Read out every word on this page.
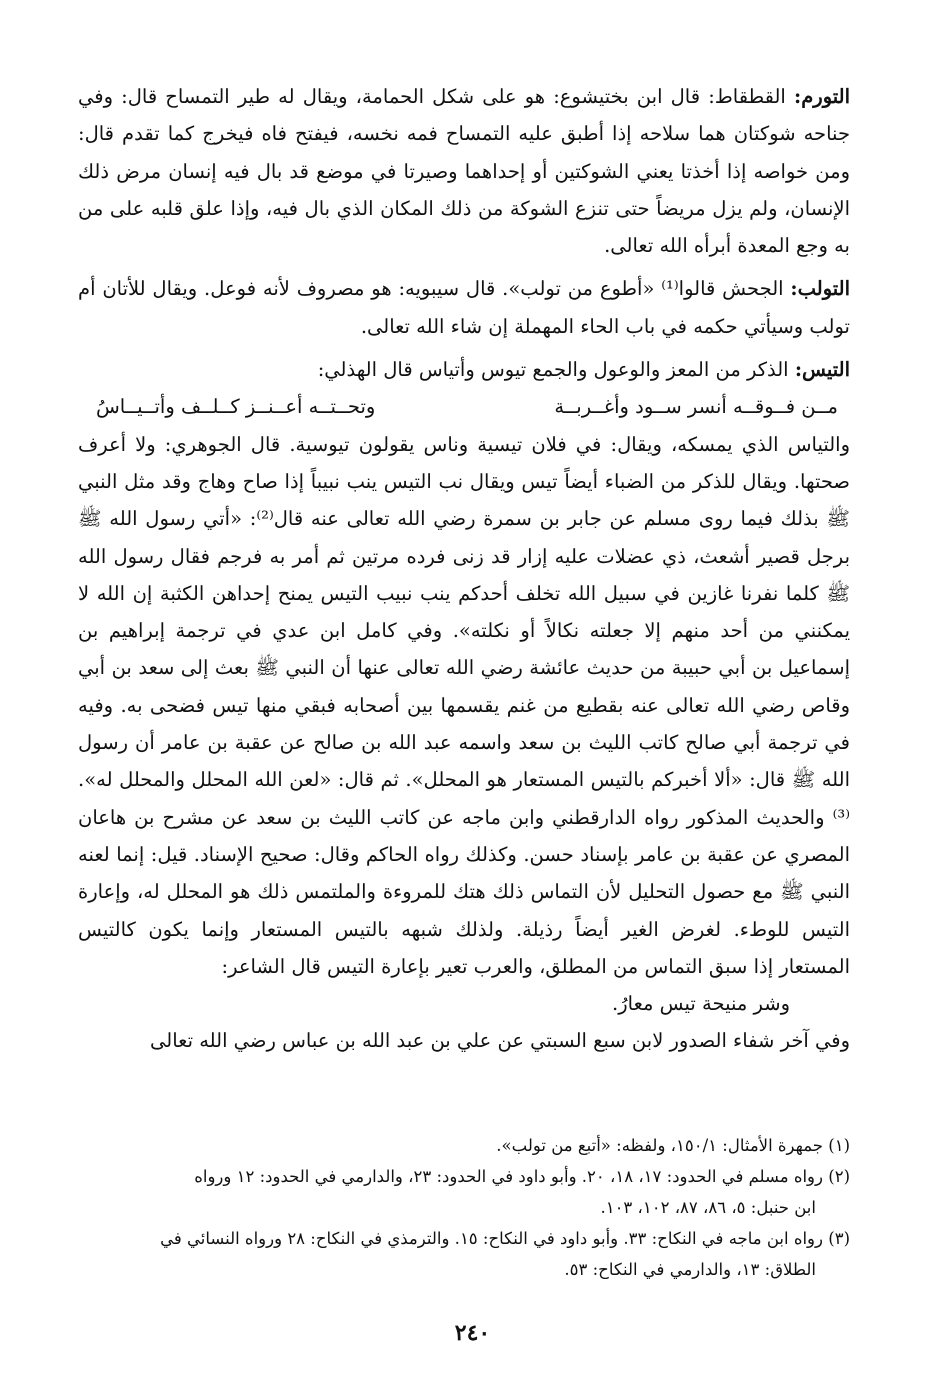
التورم: القطقاط: قال ابن بختيشوع: هو على شكل الحمامة، ويقال له طير التمساح قال: وفي جناحه شوكتان هما سلاحه إذا أطبق عليه التمساح فمه نخسه، فيفتح فاه فيخرج كما تقدم قال: ومن خواصه إذا أخذتا يعني الشوكتين أو إحداهما وصيرتا في موضع قد بال فيه إنسان مرض ذلك الإنسان، ولم يزل مريضاً حتى تنزع الشوكة من ذلك المكان الذي بال فيه، وإذا علق قلبه على من به وجع المعدة أبرأه الله تعالى.

التولب: الجحش قالوا⁽¹⁾ «أطوع من تولب». قال سيبويه: هو مصروف لأنه فوعل. ويقال للأتان أم تولب وسيأتي حكمه في باب الحاء المهملة إن شاء الله تعالى.

التيس: الذكر من المعز والوعول والجمع تيوس وأتياس قال الهذلي:

مــن فــوقــه أنسر ســود وأغــربــة
وتحــتــه أعــنــز كــلــف وأتــيــاسُ

والتياس الذي يمسكه، ويقال: في فلان تيسية وناس يقولون تيوسية. قال الجوهري: ولا أعرف صحتها. ويقال للذكر من الضباء أيضاً تيس ويقال نب التيس ينب نبيباً إذا صاح وهاج وقد مثل النبي ﷺ بذلك فيما روى مسلم عن جابر بن سمرة رضي الله تعالى عنه قال⁽²⁾: «أتي رسول الله ﷺ برجل قصير أشعث، ذي عضلات عليه إزار قد زنى فرده مرتين ثم أمر به فرجم فقال رسول الله ﷺ كلما نفرنا غازين في سبيل الله تخلف أحدكم ينب نبيب التيس يمنح إحداهن الكثبة إن الله لا يمكنني من أحد منهم إلا جعلته نكالاً أو نكلته». وفي كامل ابن عدي في ترجمة إبراهيم بن إسماعيل بن أبي حبيبة من حديث عائشة رضي الله تعالى عنها أن النبي ﷺ بعث إلى سعد بن أبي وقاص رضي الله تعالى عنه بقطيع من غنم يقسمها بين أصحابه فبقي منها تيس فضحى به. وفيه في ترجمة أبي صالح كاتب الليث بن سعد واسمه عبد الله بن صالح عن عقبة بن عامر أن رسول الله ﷺ قال: «ألا أخبركم بالتيس المستعار هو المحلل». ثم قال: «لعن الله المحلل والمحلل له».⁽³⁾ والحديث المذكور رواه الدارقطني وابن ماجه عن كاتب الليث بن سعد عن مشرح بن هاعان المصري عن عقبة بن عامر بإسناد حسن. وكذلك رواه الحاكم وقال: صحيح الإسناد. قيل: إنما لعنه النبي ﷺ مع حصول التحليل لأن التماس ذلك هتك للمروءة والملتمس ذلك هو المحلل له، وإعارة التيس للوطء. لغرض الغير أيضاً رذيلة. ولذلك شبهه بالتيس المستعار وإنما يكون كالتيس المستعار إذا سبق التماس من المطلق، والعرب تعير بإعارة التيس قال الشاعر:

وشر منيحة تيس معارُ.

وفي آخر شفاء الصدور لابن سبع السبتي عن علي بن عبد الله بن عباس رضي الله تعالى

(١) جمهرة الأمثال: ١٥٠/١، ولفظه: «أتبع من تولب».

(٢) رواه مسلم في الحدود: ١٧، ١٨، ٢٠. وأبو داود في الحدود: ٢٣، والدارمي في الحدود: ١٢ ورواه
ابن حنبل: ٥، ٨٦، ٨٧، ١٠٢، ١٠٣.

(٣) رواه ابن ماجه في النكاح: ٣٣. وأبو داود في النكاح: ١٥. والترمذي في النكاح: ٢٨ ورواه النسائي في
الطلاق: ١٣، والدارمي في النكاح: ٥٣.

٢٤٠
